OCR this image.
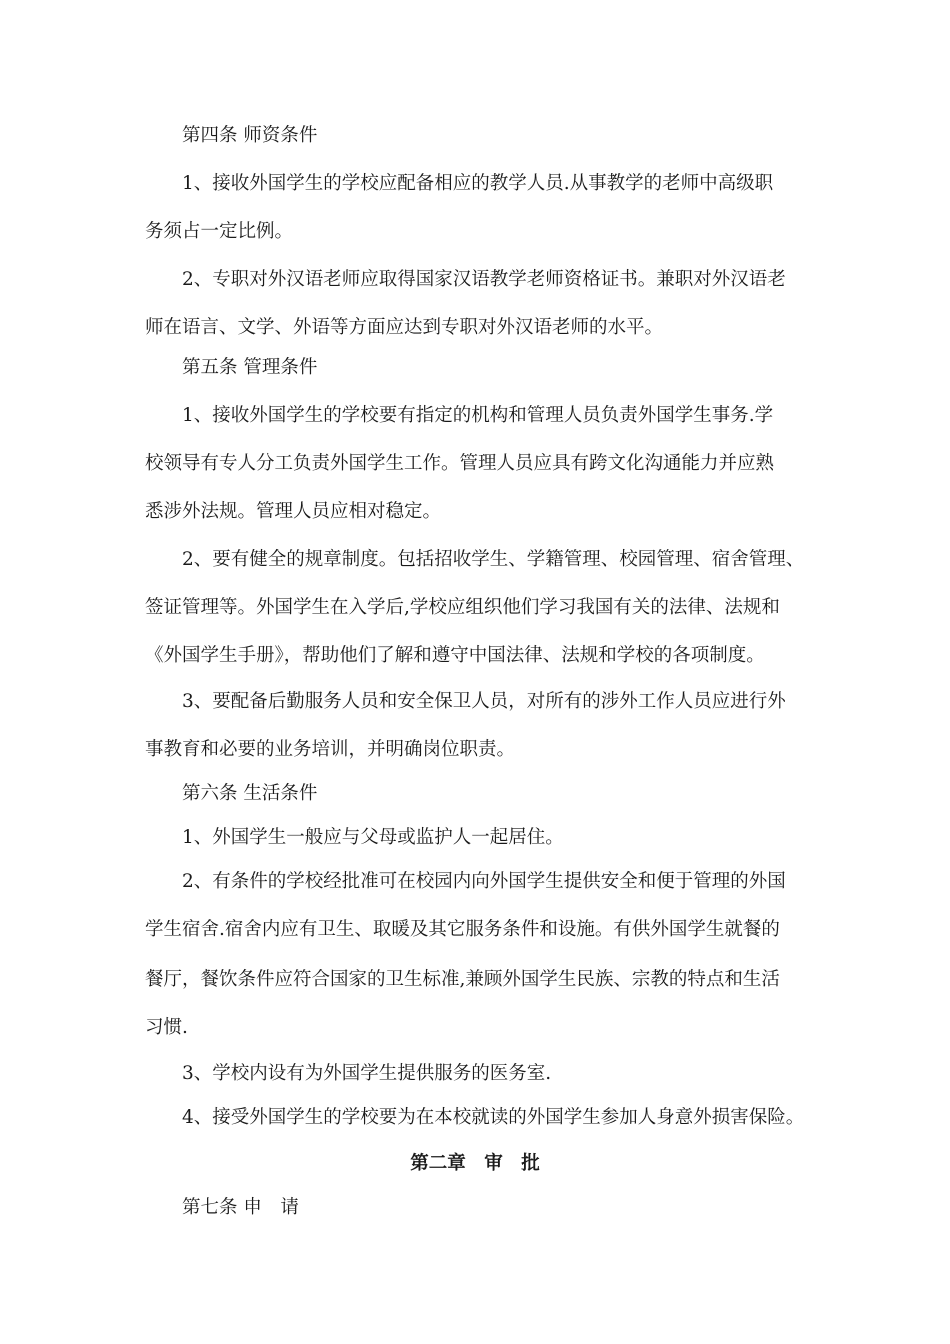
第四条 师资条件
1、接收外国学生的学校应配备相应的教学人员.从事教学的老师中高级职
务须占一定比例。
2、专职对外汉语老师应取得国家汉语教学老师资格证书。兼职对外汉语老
师在语言、文学、外语等方面应达到专职对外汉语老师的水平。
第五条 管理条件
1、接收外国学生的学校要有指定的机构和管理人员负责外国学生事务.学
校领导有专人分工负责外国学生工作。管理人员应具有跨文化沟通能力并应熟
悉涉外法规。管理人员应相对稳定。
2、要有健全的规章制度。包括招收学生、学籍管理、校园管理、宿舍管理、
签证管理等。外国学生在入学后,学校应组织他们学习我国有关的法律、法规和
《外国学生手册》，帮助他们了解和遵守中国法律、法规和学校的各项制度。
3、要配备后勤服务人员和安全保卫人员，对所有的涉外工作人员应进行外
事教育和必要的业务培训，并明确岗位职责。
第六条 生活条件
1、外国学生一般应与父母或监护人一起居住。
2、有条件的学校经批准可在校园内向外国学生提供安全和便于管理的外国
学生宿舍.宿舍内应有卫生、取暖及其它服务条件和设施。有供外国学生就餐的
餐厅，餐饮条件应符合国家的卫生标准,兼顾外国学生民族、宗教的特点和生活
习惯.
3、学校内设有为外国学生提供服务的医务室.
4、接受外国学生的学校要为在本校就读的外国学生参加人身意外损害保险。
第二章　审　批
第七条 申　请
